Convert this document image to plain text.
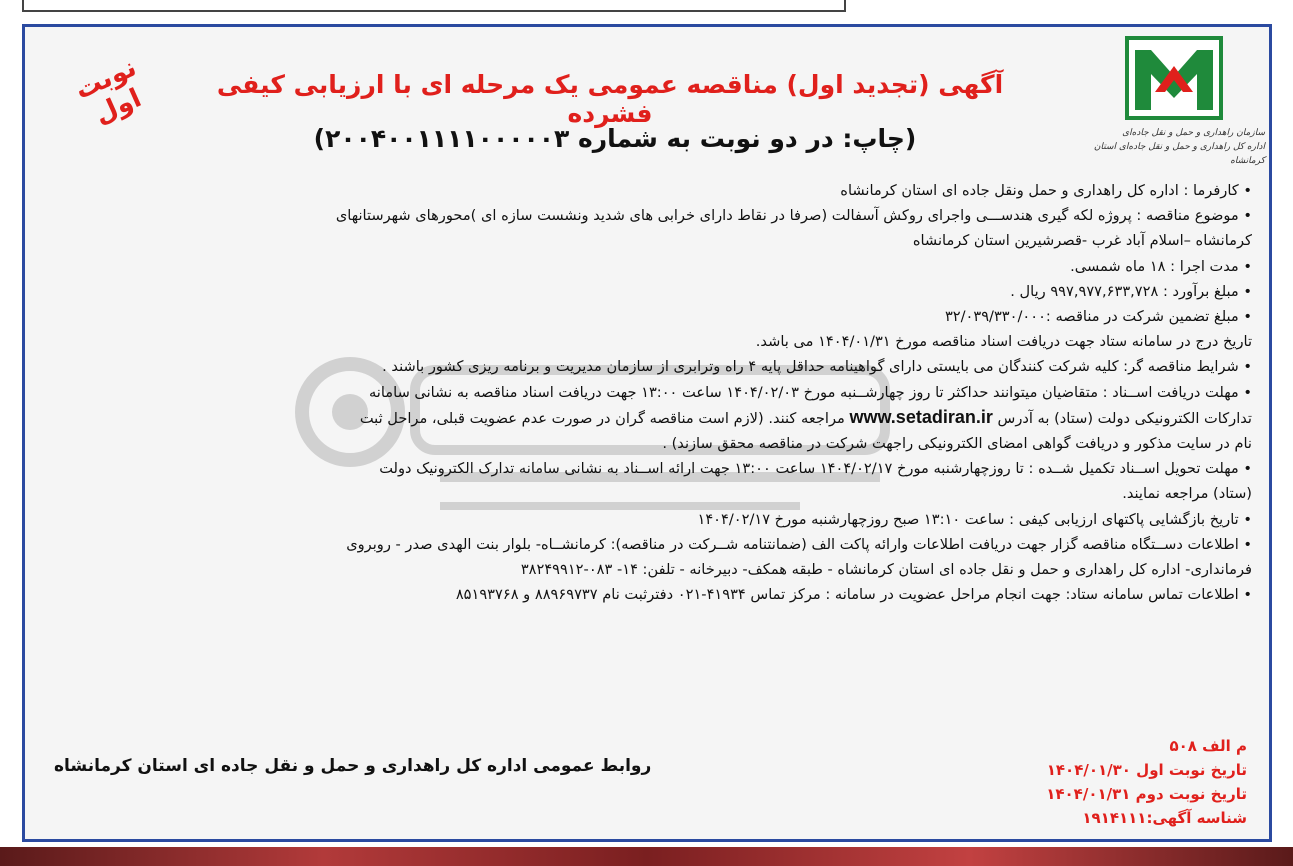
سازمان راهداری و حمل و نقل جاده‌ای
اداره کل راهداری و حمل و نقل جاده‌ای استان کرمانشاه
نوبت اول	آگهی (تجدید اول) مناقصه عمومی یک مرحله ای با ارزیابی کیفی فشرده
(چاپ: در دو نوبت به شماره ۲۰۰۴۰۰۱۱۱۱۰۰۰۰۰۳)

• کارفرما : اداره کل راهداری و حمل ونقل جاده ای استان کرمانشاه

• موضوع مناقصه : پروژه لکه گیری هندســـی واجرای روکش آسفالت (صرفا در نقاط دارای خرابی های شدید ونشست سازه ای )محورهای شهرستانهای

کرمانشاه –اسلام آباد غرب -قصرشیرین استان کرمانشاه

• مدت اجرا : ۱۸ ماه شمسی.

• مبلغ برآورد : ۹۹۷,۹۷۷,۶۳۳,۷۲۸ ریال .

• مبلغ تضمین شرکت در مناقصه :۳۲/۰۳۹/۳۳۰/۰۰۰

تاریخ درج در سامانه ستاد جهت دریافت اسناد مناقصه مورخ ۱۴۰۴/۰۱/۳۱ می باشد.

• شرایط مناقصه گر: کلیه شرکت کنندگان می بایستی دارای گواهینامه حداقل پایه ۴ راه وترابری از سازمان مدیریت و برنامه ریزی کشور باشند .

• مهلت دریافت اســناد : متقاضیان میتوانند حداکثر تا روز چهارشــنبه مورخ ۱۴۰۴/۰۲/۰۳ ساعت ۱۳:۰۰ جهت دریافت اسناد مناقصه به نشانی سامانه

تدارکات الکترونیکی دولت (ستاد) به آدرس www.setadiran.ir مراجعه کنند. (لازم است مناقصه گران در صورت عدم عضویت قبلی، مراحل ثبت

نام در سایت مذکور و دریافت گواهی امضای الکترونیکی راجهت شرکت در مناقصه محقق سازند) .

• مهلت تحویل اســناد تکمیل شــده : تا روزچهارشنبه مورخ ۱۴۰۴/۰۲/۱۷ ساعت ۱۳:۰۰ جهت ارائه اســناد به نشانی سامانه تدارک الکترونیک دولت

(ستاد) مراجعه نمایند.

• تاریخ بازگشایی پاکتهای ارزیابی کیفی : ساعت ۱۳:۱۰ صبح روزچهارشنبه مورخ ۱۴۰۴/۰۲/۱۷

• اطلاعات دســتگاه مناقصه گزار جهت دریافت اطلاعات وارائه پاکت الف (ضمانتنامه شــرکت در مناقصه): کرمانشــاه- بلوار بنت الهدی صدر - روبروی

فرمانداری- اداره کل راهداری و حمل و نقل جاده ای استان کرمانشاه - طبقه همکف- دبیرخانه - تلفن: ۱۴- ۰۸۳-۳۸۲۴۹۹۱۲

• اطلاعات تماس سامانه ستاد: جهت انجام مراحل عضویت در سامانه : مرکز تماس ۴۱۹۳۴-۰۲۱ دفترثبت نام ۸۸۹۶۹۷۳۷ و ۸۵۱۹۳۷۶۸

م الف ۵۰۸
تاریخ نوبت اول ۱۴۰۴/۰۱/۳۰
تاریخ نوبت دوم ۱۴۰۴/۰۱/۳۱
شناسه آگهی:۱۹۱۴۱۱۱
روابط عمومی اداره کل راهداری و حمل و نقل جاده ای استان کرمانشاه
